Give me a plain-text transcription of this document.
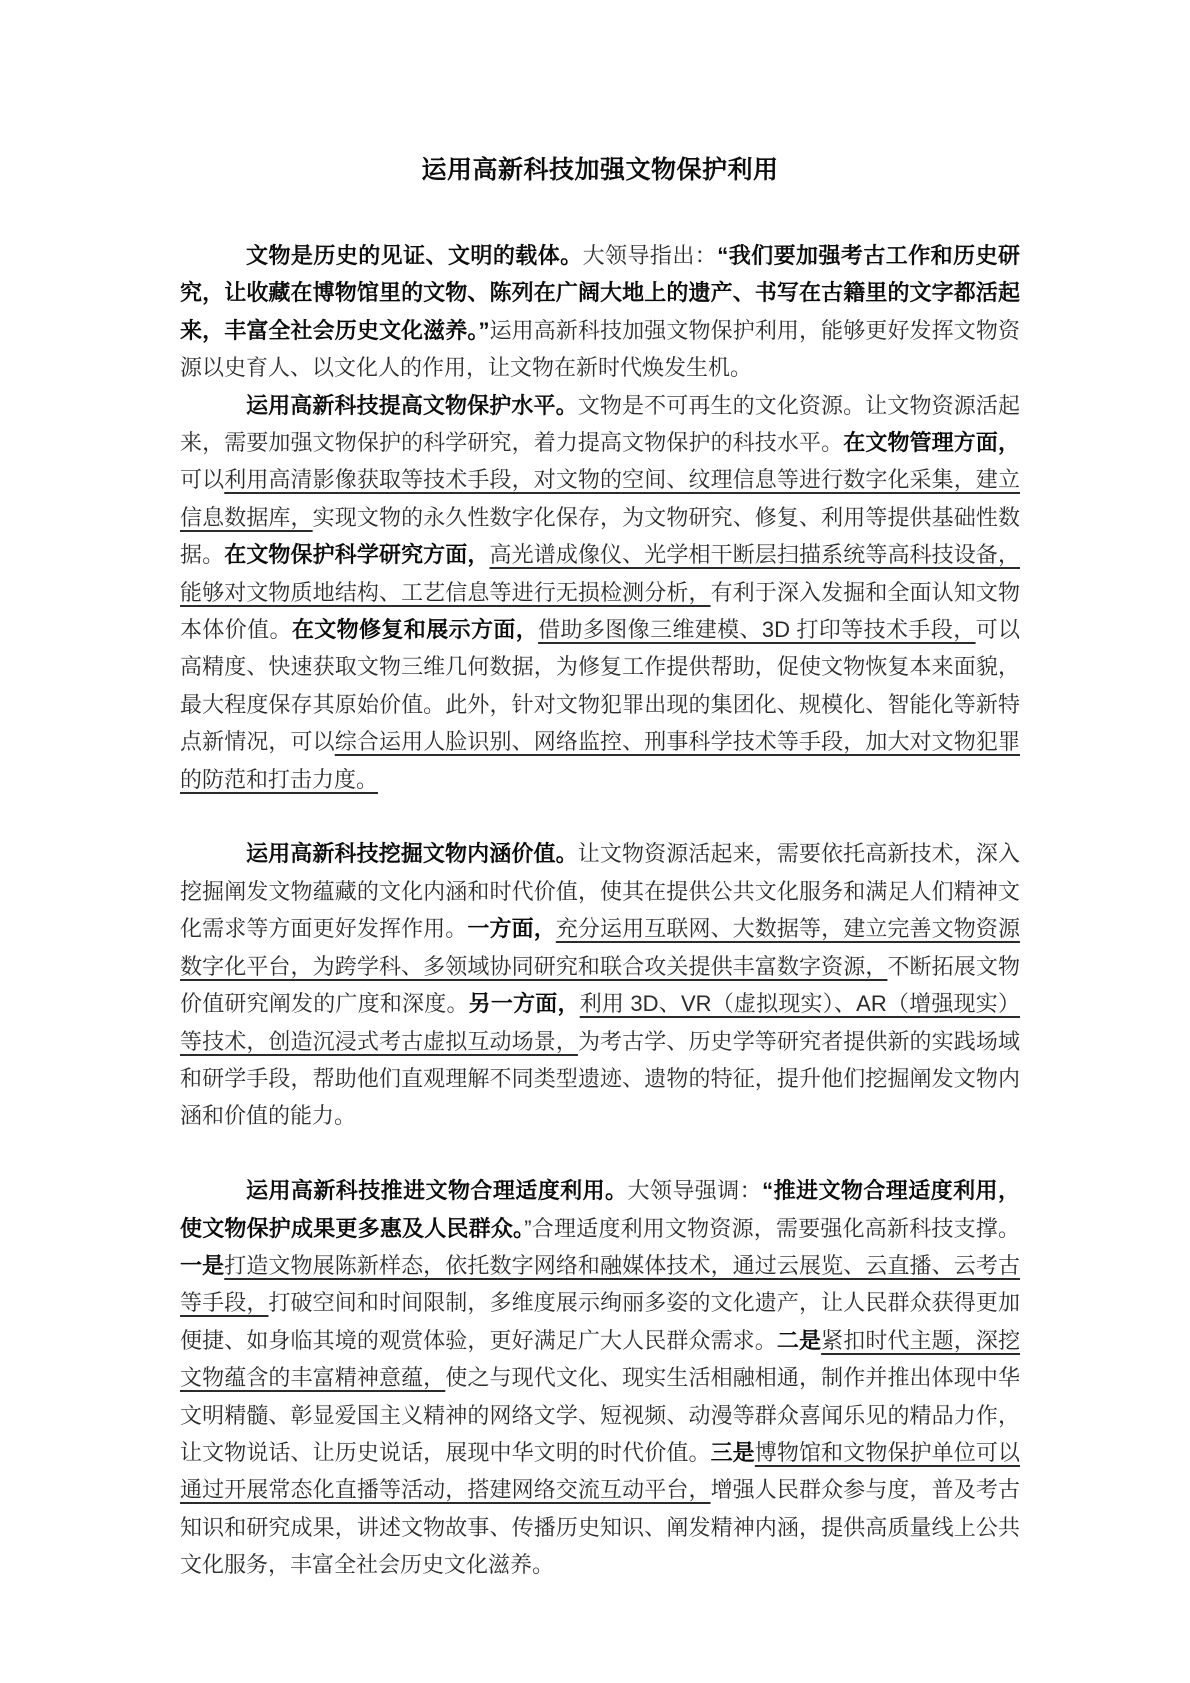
运用高新科技加强文物保护利用

文物是历史的见证、文明的载体。大领导指出：“我们要加强考古工作和历史研究，让收藏在博物馆里的文物、陈列在广阔大地上的遗产、书写在古籍里的文字都活起来，丰富全社会历史文化滋养。”运用高新科技加强文物保护利用，能够更好发挥文物资源以史育人、以文化人的作用，让文物在新时代焕发生机。

运用高新科技提高文物保护水平。文物是不可再生的文化资源。让文物资源活起来，需要加强文物保护的科学研究，着力提高文物保护的科技水平。在文物管理方面，可以利用高清影像获取等技术手段，对文物的空间、纹理信息等进行数字化采集，建立信息数据库，实现文物的永久性数字化保存，为文物研究、修复、利用等提供基础性数据。在文物保护科学研究方面，高光谱成像仪、光学相干断层扫描系统等高科技设备，能够对文物质地结构、工艺信息等进行无损检测分析，有利于深入发掘和全面认知文物本体价值。在文物修复和展示方面，借助多图像三维建模、3D 打印等技术手段，可以高精度、快速获取文物三维几何数据，为修复工作提供帮助，促使文物恢复本来面貌，最大程度保存其原始价值。此外，针对文物犯罪出现的集团化、规模化、智能化等新特点新情况，可以综合运用人脸识别、网络监控、刑事科学技术等手段，加大对文物犯罪的防范和打击力度。

运用高新科技挖掘文物内涵价值。让文物资源活起来，需要依托高新技术，深入挖掘阐发文物蕴藏的文化内涵和时代价值，使其在提供公共文化服务和满足人们精神文化需求等方面更好发挥作用。一方面，充分运用互联网、大数据等，建立完善文物资源数字化平台，为跨学科、多领域协同研究和联合攻关提供丰富数字资源，不断拓展文物价值研究阐发的广度和深度。另一方面，利用 3D、VR（虚拟现实）、AR（增强现实）等技术，创造沉浸式考古虚拟互动场景，为考古学、历史学等研究者提供新的实践场域和研学手段，帮助他们直观理解不同类型遗迹、遗物的特征，提升他们挖掘阐发文物内涵和价值的能力。

运用高新科技推进文物合理适度利用。大领导强调：“推进文物合理适度利用，使文物保护成果更多惠及人民群众。”合理适度利用文物资源，需要强化高新科技支撑。一是打造文物展陈新样态，依托数字网络和融媒体技术，通过云展览、云直播、云考古等手段，打破空间和时间限制，多维度展示绚丽多姿的文化遗产，让人民群众获得更加便捷、如身临其境的观赏体验，更好满足广大人民群众需求。二是紧扣时代主题，深挖文物蕴含的丰富精神意蕴，使之与现代文化、现实生活相融相通，制作并推出体现中华文明精髓、彰显爱国主义精神的网络文学、短视频、动漫等群众喜闻乐见的精品力作，让文物说话、让历史说话，展现中华文明的时代价值。三是博物馆和文物保护单位可以通过开展常态化直播等活动，搭建网络交流互动平台，增强人民群众参与度，普及考古知识和研究成果，讲述文物故事、传播历史知识、阐发精神内涵，提供高质量线上公共文化服务，丰富全社会历史文化滋养。
